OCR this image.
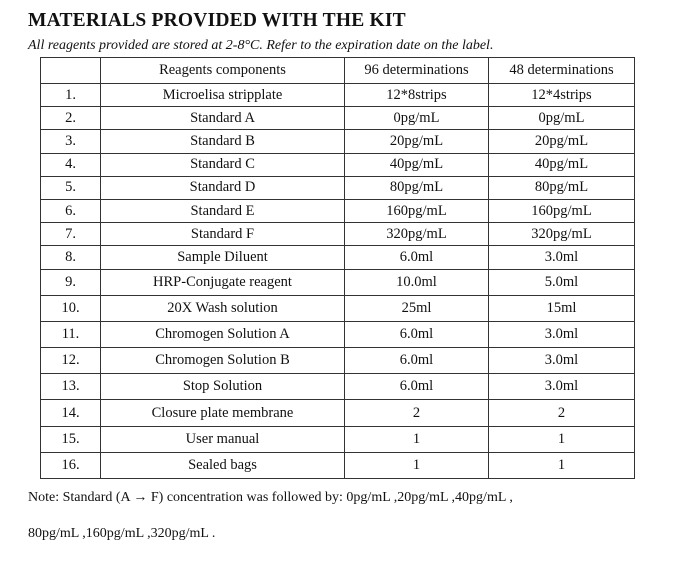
MATERIALS PROVIDED WITH THE KIT

All reagents provided are stored at 2-8°C. Refer to the expiration date on the label.

	Reagents components	96 determinations	48 determinations
1.	Microelisa stripplate	12*8strips	12*4strips
2.	Standard A	0pg/mL	0pg/mL
3.	Standard B	20pg/mL	20pg/mL
4.	Standard C	40pg/mL	40pg/mL
5.	Standard D	80pg/mL	80pg/mL
6.	Standard E	160pg/mL	160pg/mL
7.	Standard F	320pg/mL	320pg/mL
8.	Sample Diluent	6.0ml	3.0ml
9.	HRP-Conjugate reagent	10.0ml	5.0ml
10.	20X Wash solution	25ml	15ml
11.	Chromogen Solution A	6.0ml	3.0ml
12.	Chromogen Solution B	6.0ml	3.0ml
13.	Stop Solution	6.0ml	3.0ml
14.	Closure plate membrane	2	2
15.	User manual	1	1
16.	Sealed bags	1	1

Note: Standard (A → F) concentration was followed by: 0pg/mL ,20pg/mL ,40pg/mL ,

80pg/mL ,160pg/mL ,320pg/mL .
